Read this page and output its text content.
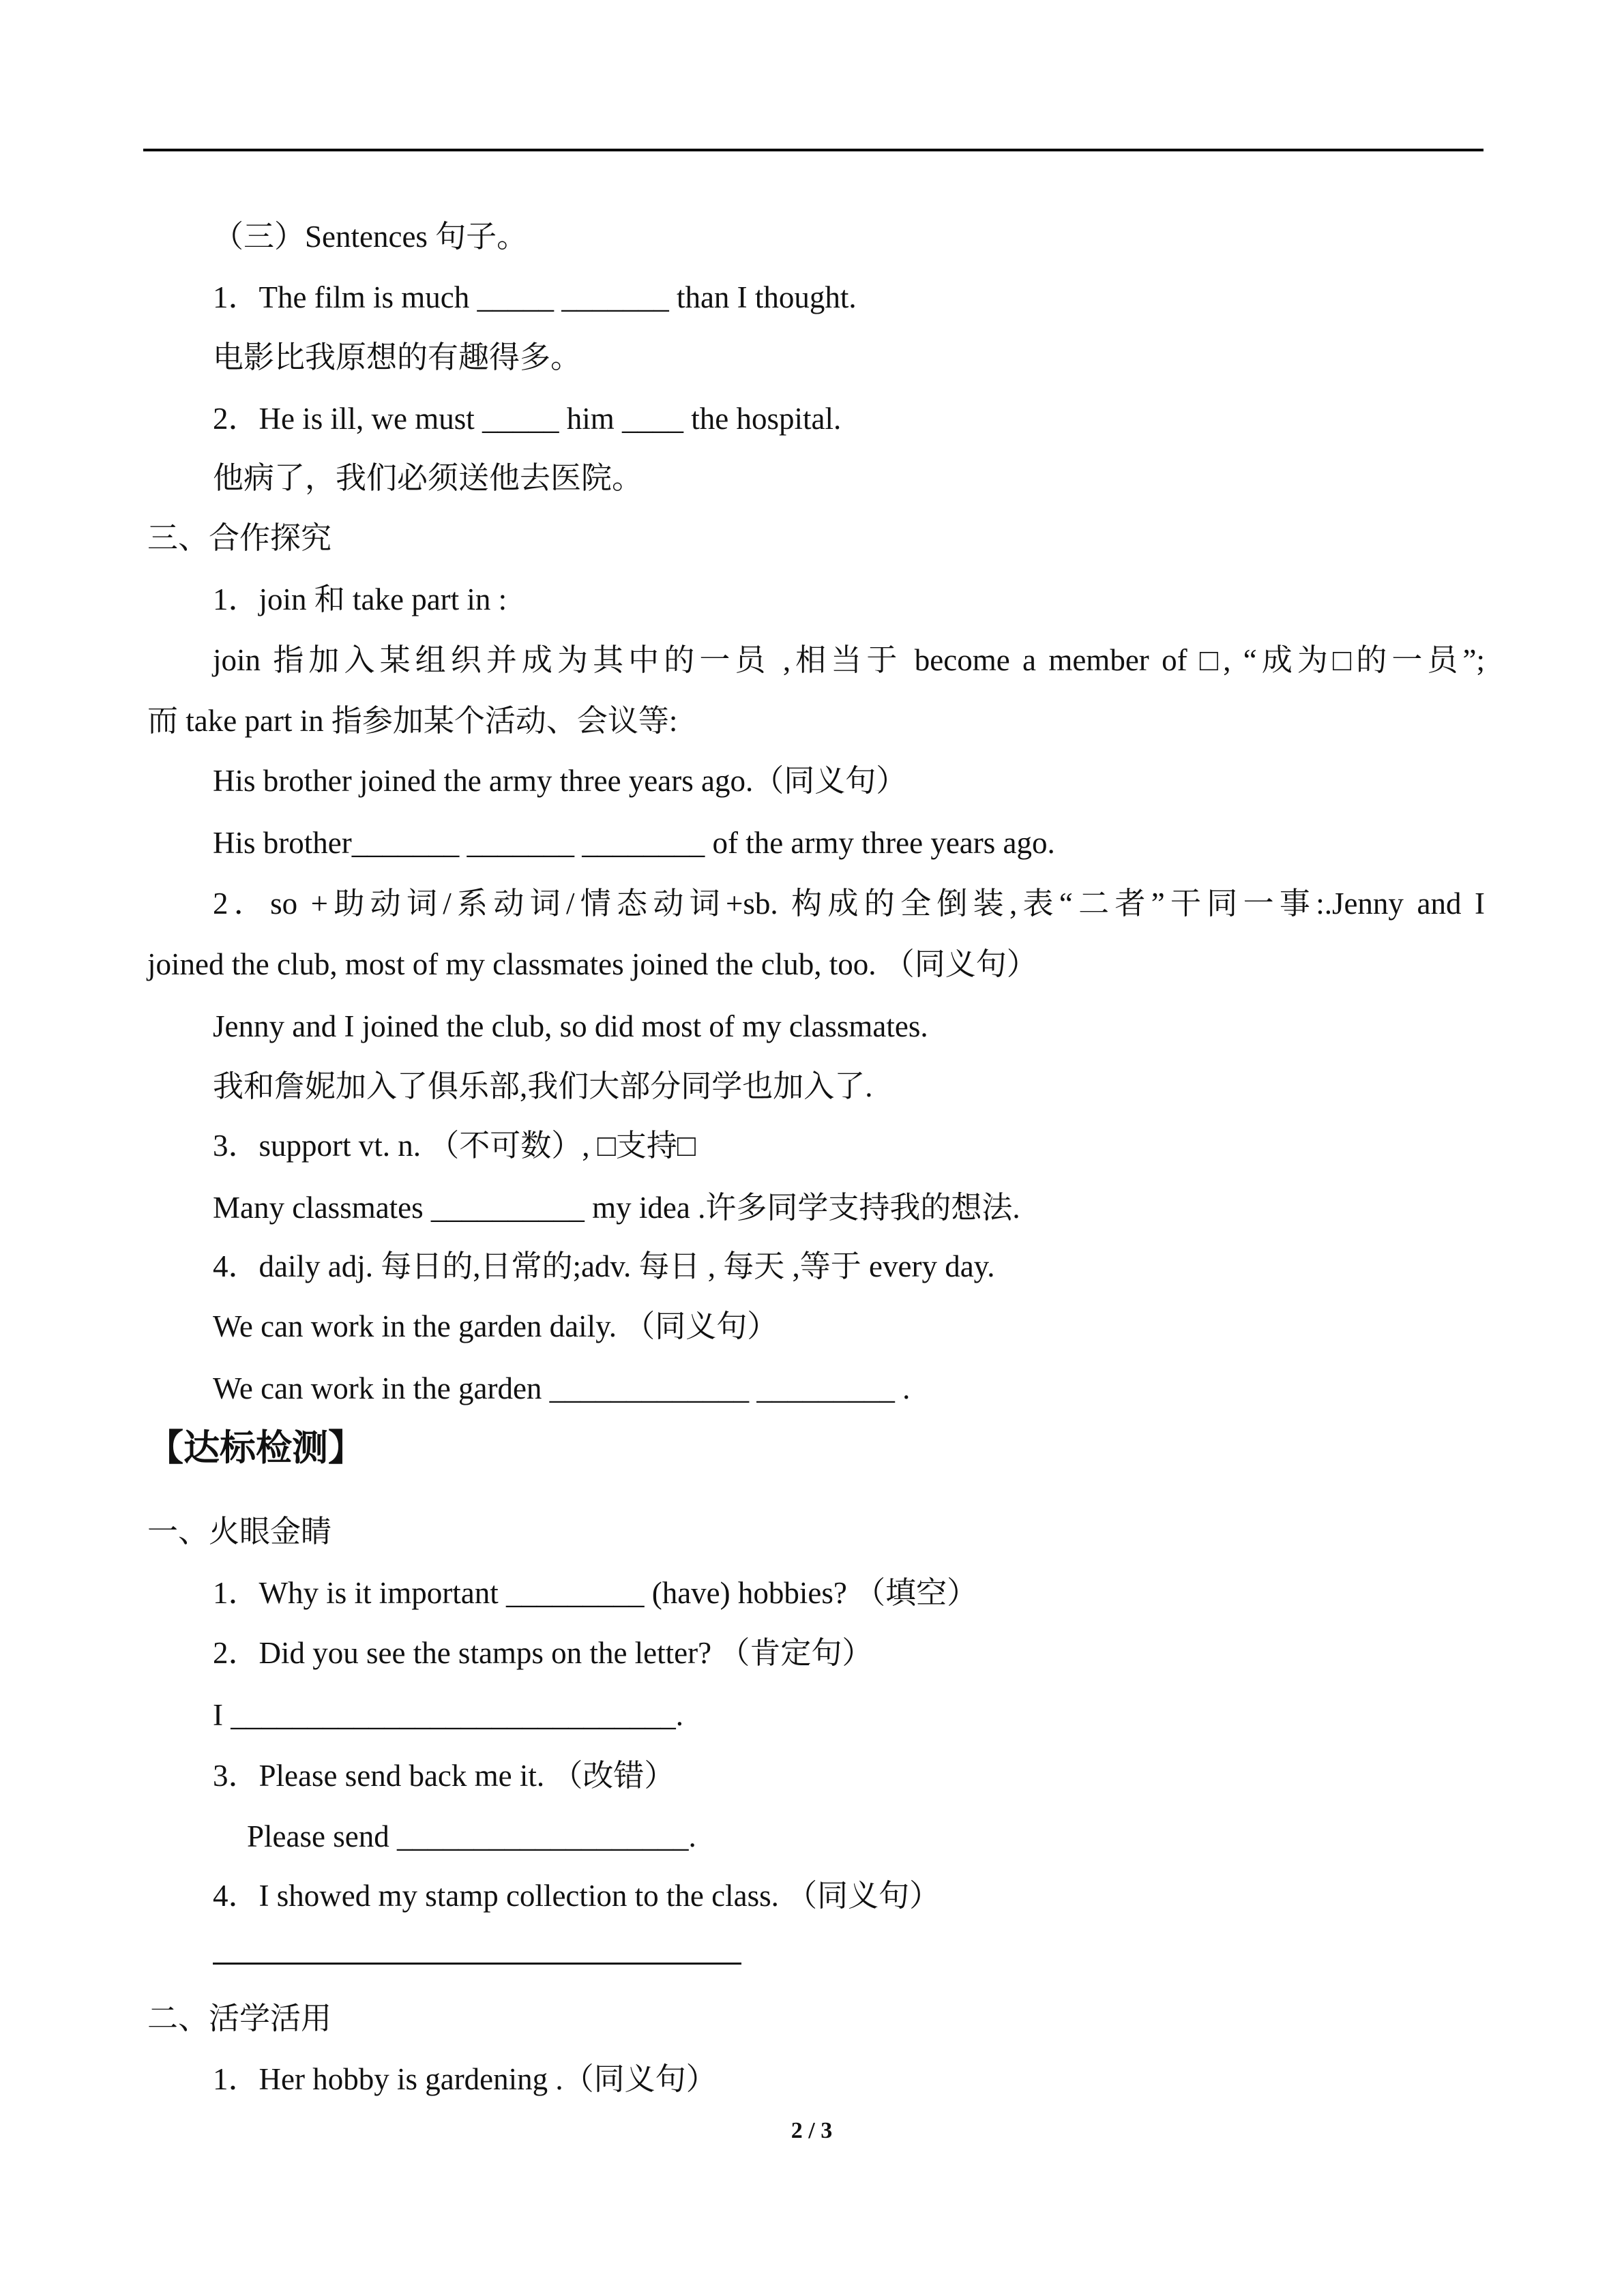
（三）Sentences 句子。
1．The film is much _____ _______ than I thought.
电影比我原想的有趣得多。
2．He is ill, we must _____ him ____ the hospital.
他病了，我们必须送他去医院。
三、合作探究
1．join 和 take part in :
join 指加入某组织并成为其中的一员 ,相当于 become a member of □, “成为□的一员”;
而 take part in 指参加某个活动、会议等:
His brother joined the army three years ago.（同义句）
His brother_______ _______ ________ of the army three years ago.
2．so +助动词/系动词/情态动词+sb. 构成的全倒装,表“二者”干同一事:.Jenny and I
joined the club, most of my classmates joined the club, too. （同义句）
Jenny and I joined the club, so did most of my classmates.
我和詹妮加入了俱乐部,我们大部分同学也加入了.
3．support vt. n. （不可数）, □支持□
Many classmates __________ my idea .许多同学支持我的想法.
4．daily adj. 每日的,日常的;adv. 每日 , 每天 ,等于 every day.
We can work in the garden daily. （同义句）
We can work in the garden _____________ _________ .
【达标检测】
一、火眼金睛
1．Why is it important _________ (have) hobbies? （填空）
2．Did you see the stamps on the letter? （肯定句）
I _____________________________.
3．Please send back me it. （改错）
Please send ___________________.
4．I showed my stamp collection to the class. （同义句）
二、活学活用
1．Her hobby is gardening .（同义句）
2 / 3
